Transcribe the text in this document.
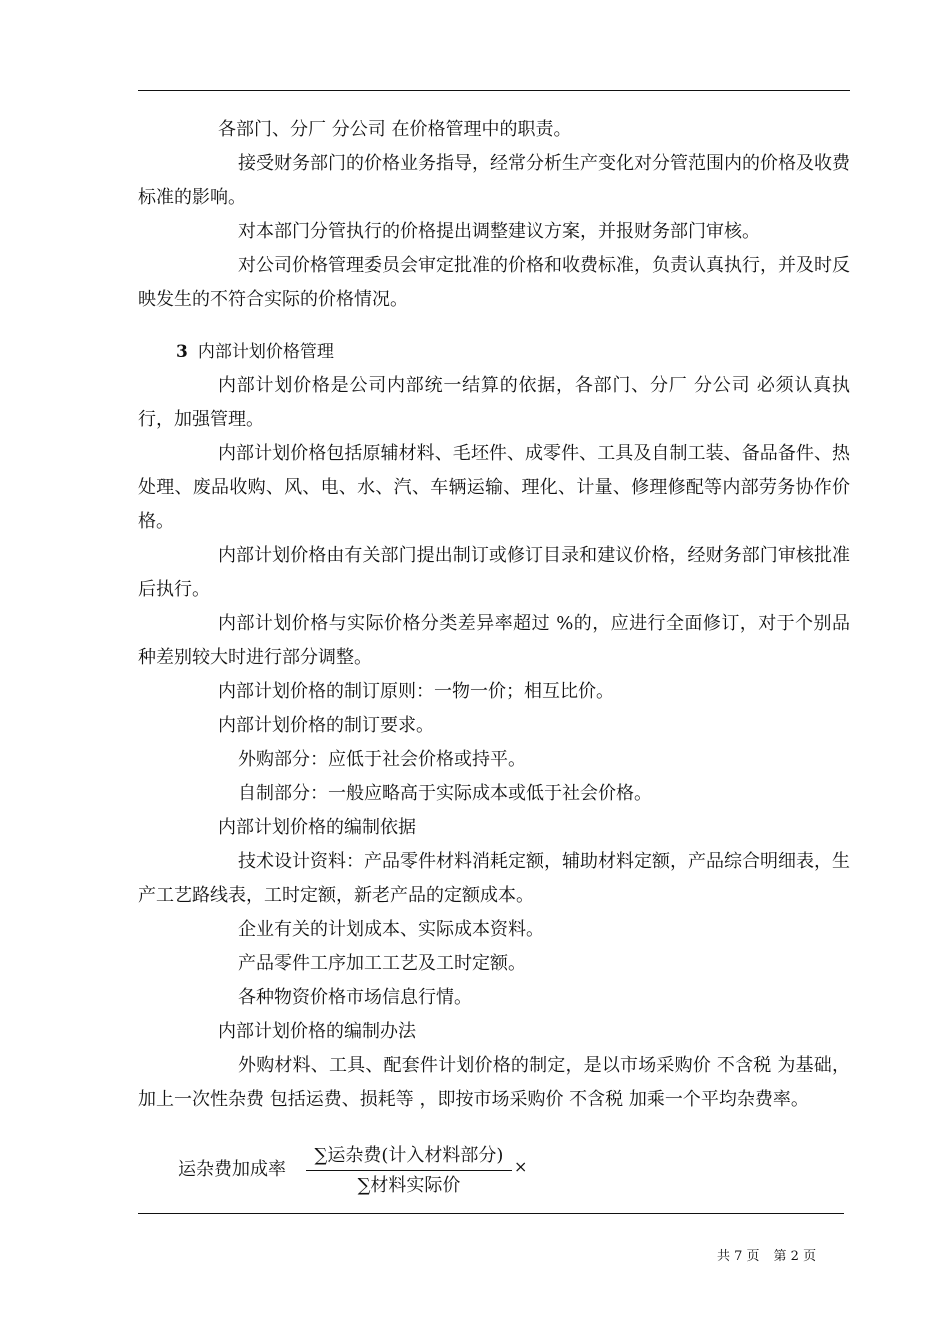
各部门、分厂 分公司 在价格管理中的职责。

接受财务部门的价格业务指导，经常分析生产变化对分管范围内的价格及收费标准的影响。

对本部门分管执行的价格提出调整建议方案，并报财务部门审核。

对公司价格管理委员会审定批准的价格和收费标准，负责认真执行，并及时反映发生的不符合实际的价格情况。

3 内部计划价格管理

内部计划价格是公司内部统一结算的依据，各部门、分厂 分公司 必须认真执行，加强管理。

内部计划价格包括原辅材料、毛坯件、成零件、工具及自制工装、备品备件、热处理、废品收购、风、电、水、汽、车辆运输、理化、计量、修理修配等内部劳务协作价格。

内部计划价格由有关部门提出制订或修订目录和建议价格，经财务部门审核批准后执行。

内部计划价格与实际价格分类差异率超过 %的，应进行全面修订，对于个别品种差别较大时进行部分调整。

内部计划价格的制订原则：一物一价；相互比价。

内部计划价格的制订要求。

外购部分：应低于社会价格或持平。

自制部分：一般应略高于实际成本或低于社会价格。

内部计划价格的编制依据

技术设计资料：产品零件材料消耗定额，辅助材料定额，产品综合明细表，生产工艺路线表，工时定额，新老产品的定额成本。

企业有关的计划成本、实际成本资料。

产品零件工序加工工艺及工时定额。

各种物资价格市场信息行情。

内部计划价格的编制办法

外购材料、工具、配套件计划价格的制定，是以市场采购价 不含税 为基础，加上一次性杂费 包括运费、损耗等 ，即按市场采购价 不含税 加乘一个平均杂费率。

运杂费加成率
∑运杂费(计入材料部分)
∑材料实际价
×
共 7 页 第 2 页
